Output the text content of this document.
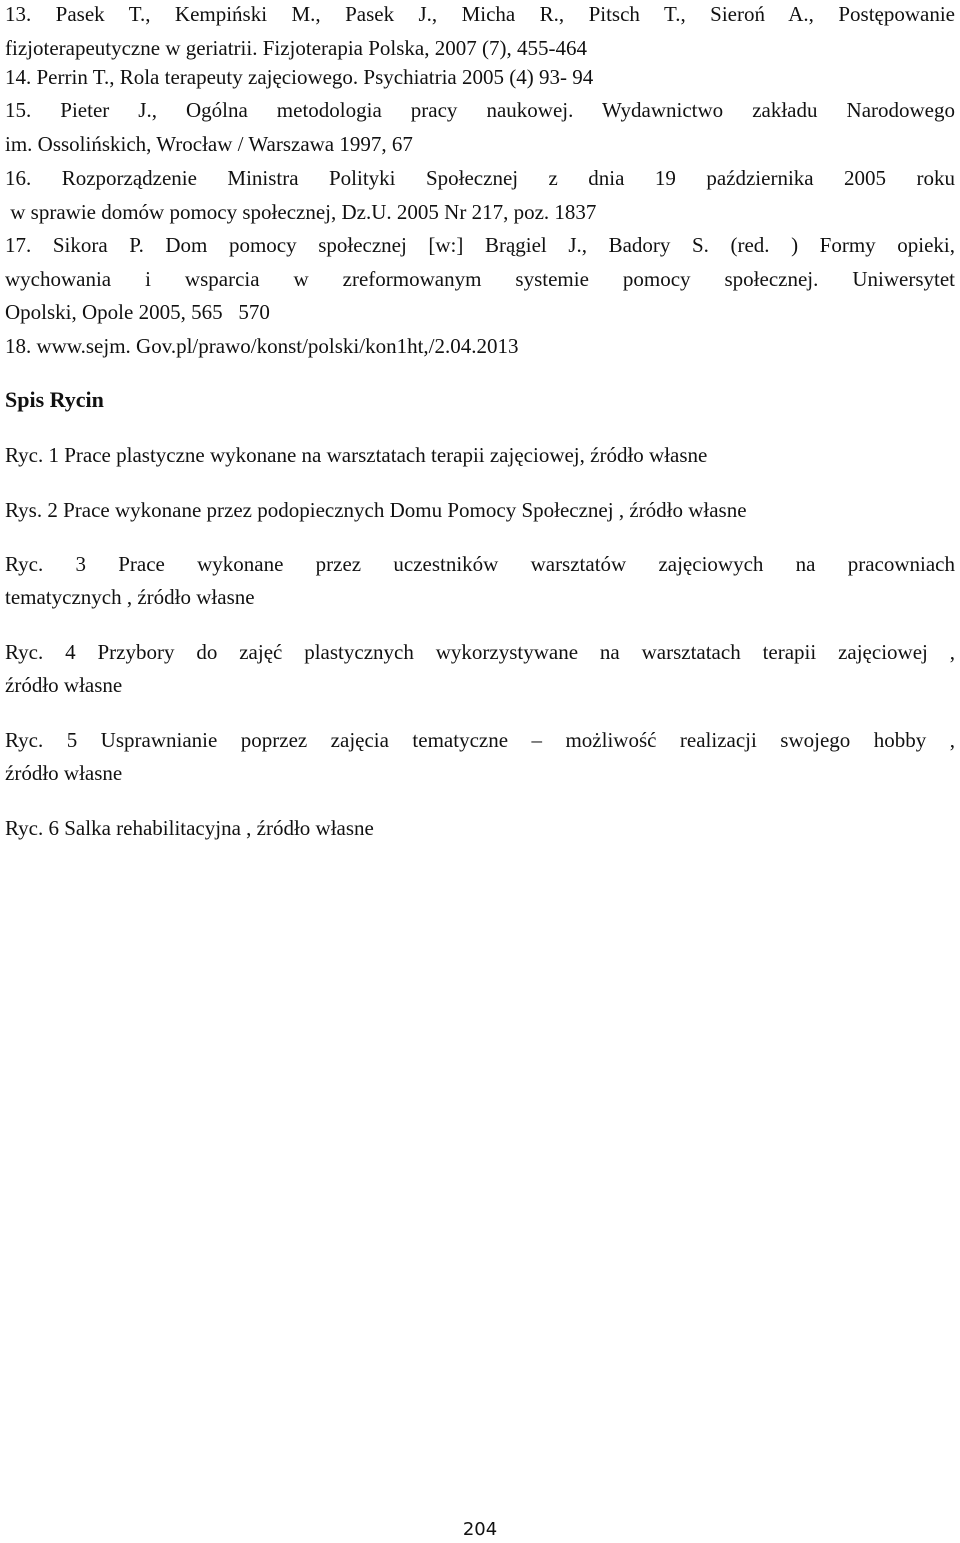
13. Pasek T., Kempiński M., Pasek J., Micha R., Pitsch T., Sieroń A., Postępowanie
fizjoterapeutyczne w geriatrii. Fizjoterapia Polska, 2007 (7), 455-464
14. Perrin T., Rola terapeuty zajęciowego. Psychiatria 2005 (4) 93- 94
15. Pieter J., Ogólna metodologia pracy naukowej. Wydawnictwo zakładu Narodowego
im. Ossolińskich, Wrocław / Warszawa 1997, 67
16. Rozporządzenie Ministra Polityki Społecznej z dnia 19 października 2005 roku
w sprawie domów pomocy społecznej, Dz.U. 2005 Nr 217, poz. 1837
17. Sikora P. Dom pomocy społecznej [w:] Brągiel J., Badory S. (red. ) Formy opieki,
wychowania i wsparcia w zreformowanym systemie pomocy społecznej. Uniwersytet
Opolski, Opole 2005, 565   570
18. www.sejm. Gov.pl/prawo/konst/polski/kon1ht,/2.04.2013
Spis Rycin
Ryc. 1 Prace plastyczne wykonane na warsztatach terapii zajęciowej, źródło własne
Rys. 2 Prace wykonane przez podopiecznych Domu Pomocy Społecznej , źródło własne
Ryc. 3 Prace wykonane przez uczestników warsztatów zajęciowych na pracowniach
tematycznych , źródło własne
Ryc. 4 Przybory do zajęć plastycznych wykorzystywane na warsztatach terapii zajęciowej ,
źródło własne
Ryc. 5 Usprawnianie poprzez zajęcia tematyczne – możliwość realizacji swojego hobby ,
źródło własne
Ryc. 6 Salka rehabilitacyjna , źródło własne
204
